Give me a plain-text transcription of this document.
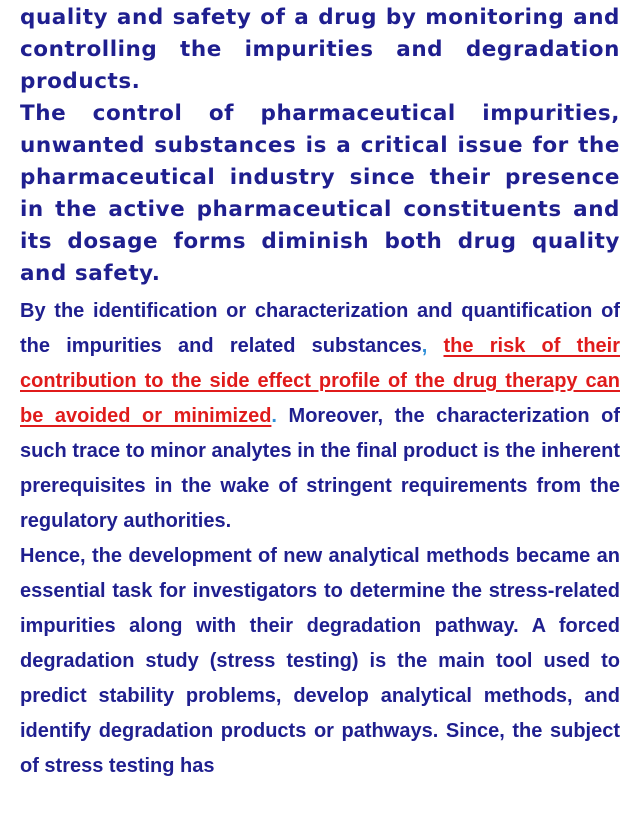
quality and safety of a drug by monitoring and controlling the impurities and degradation products.
The control of pharmaceutical impurities, unwanted substances is a critical issue for the pharmaceutical industry since their presence in the active pharmaceutical constituents and its dosage forms diminish both drug quality and safety.
By the identification or characterization and quantification of the impurities and related substances, the risk of their contribution to the side effect profile of the drug therapy can be avoided or minimized. Moreover, the characterization of such trace to minor analytes in the final product is the inherent prerequisites in the wake of stringent requirements from the regulatory authorities.
Hence, the development of new analytical methods became an essential task for investigators to determine the stress-related impurities along with their degradation pathway. A forced degradation study (stress testing) is the main tool used to predict stability problems, develop analytical methods, and identify degradation products or pathways. Since, the subject of stress testing has
